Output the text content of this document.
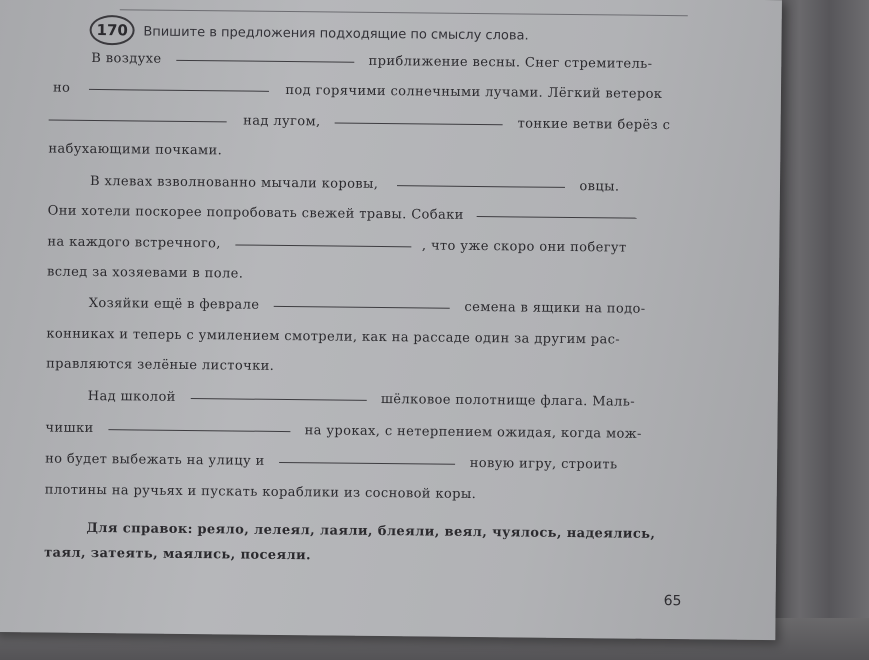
170 Впишите в предложения подходящие по смыслу слова.
В воздухе	приближение весны. Снег стремитель-
но	под горячими солнечными лучами. Лёгкий ветерок
над лугом,	тонкие ветви берёз с
набухающими почками.
В хлевах взволнованно мычали коровы,	овцы.
Они хотели поскорее попробовать свежей травы. Собаки
на каждого встречного,	, что уже скоро они побегут
вслед за хозяевами в поле.
Хозяйки ещё в феврале	семена в ящики на подо-
конниках и теперь с умилением смотрели, как на рассаде один за другим рас-
правляются зелёные листочки.
Над школой	шёлковое полотнище флага. Маль-
чишки	на уроках, с нетерпением ожидая, когда мож-
но будет выбежать на улицу и	новую игру, строить
плотины на ручьях и пускать кораблики из сосновой коры.
Для справок: реяло, лелеял, лаяли, блеяли, веял, чуялось, надеялись,
таял, затеять, маялись, посеяли.
65
